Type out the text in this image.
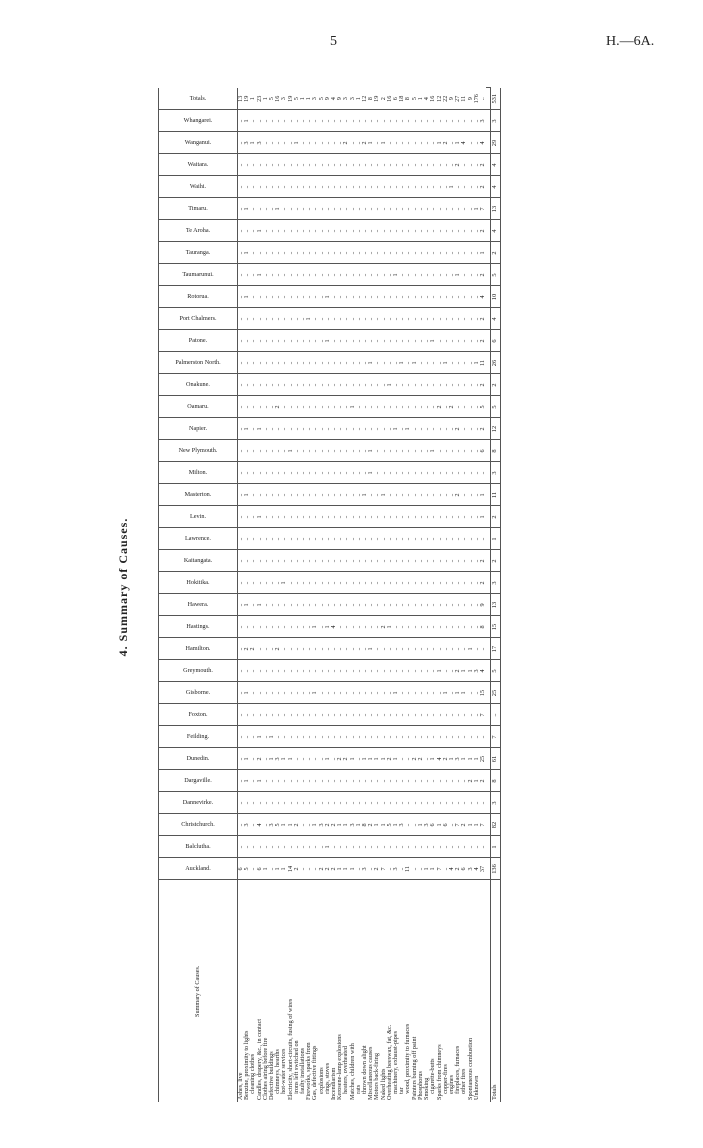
5	H.—6A.
4. Summary of Causes.
Summary of Causes.	Auckland.	Balclutha.	Christchurch.	Dannevirke.	Dargaville.	Dunedin.	Feilding.	Foxton.	Gisborne.	Greymouth.	Hamilton.	Hastings.	Hawera.	Hokitika.	Kaitangata.	Lawrence.	Levin.	Masterton.	Milton.	New Plymouth.	Napier.	Oamaru.	Onakune.	Palmerston North.	Patone.	Port Chalmers.	Rotorua.	Taumarunui.	Tauranga.	Te Aroha.	Timaru.	Waihi.	Waitara.	Wanganui.	Whangarei.	Totals.

Ashes, live	6	..	..	..	..	..	..	..	..	..	..	..	..	..	..	..	..	..	..	..	..	..	..	..	..	..	..	..	..	..	..	..	..	..	..	13
Benzine, proximity to lights	5	..	3	..	1	1	..	..	1	..	2	..	1	..	..	..	..	1	..	..	1	..	..	..	..	..	1	..	1	..	1	..	..	3	1	19
 cleaning clothes	..	..	..	..	..	..	..	..	..	..	2	..	..	..	..	..	..	..	..	..	..	..	..	..	..	..	..	..	..	..	..	..	..	1	..	1
Candles, drapery, &c., in contact	6	..	4	..	1	2	1	..	..	..	..	..	1	..	..	..	1	..	..	..	1	..	..	..	..	..	..	1	..	1	..	..	..	3	..	23
Clothes airing before fire	1	..	..	..	..	..	..	..	..	..	..	..	..	..	..	..	..	..	..	..	..	..	..	..	..	..	..	..	..	..	..	..	..	..	..	1
Defective buildings	..	..	3	..	..	1	1	..	..	..	..	..	..	..	..	..	..	..	..	..	..	..	..	..	..	..	..	..	..	..	..	..	..	..	..	5
 chimneys, hearths	1	..	5	..	..	3	..	..	..	..	2	..	..	..	..	..	..	..	..	..	..	2	..	..	..	..	..	..	..	..	1	..	..	..	..	16
 hot-water services	1	..	1	..	..	1	..	..	..	..	..	..	..	1	..	..	..	..	..	..	..	..	..	..	..	..	..	..	..	..	..	..	..	..	..	3
Electricity, short-circuits, fusing of wires	14	..	1	..	..	1	..	..	..	..	..	..	..	..	..	..	..	..	..	1	..	..	..	..	..	..	..	..	..	..	..	..	..	..	..	19
 irons left switched on	2	..	2	..	..	..	..	..	..	..	..	..	..	..	..	..	..	..	..	..	..	..	..	..	..	..	..	..	..	..	..	..	..	1	..	5
 faulty installations	..	..	..	..	..	..	..	..	..	..	..	..	..	..	..	..	..	..	..	..	..	..	..	..	..	..	..	..	..	..	..	..	..	..	..	1
Fireworks, sparks from	..	..	..	..	..	..	..	..	..	..	..	..	..	..	..	..	..	..	..	..	..	..	..	..	..	1	..	..	..	..	..	..	..	..	..	1
Gas, defective fittings	..	..	1	..	..	..	..	..	1	..	..	1	..	..	..	..	..	..	..	..	..	..	..	..	..	..	..	..	..	..	..	..	..	..	..	3
 explosions	2	..	3	..	..	..	..	..	..	..	..	..	..	..	..	..	..	..	..	..	..	..	..	..	..	..	..	..	..	..	..	..	..	..	..	5
 rings, stoves	2	1	2	..	..	1	..	..	..	..	..	1	..	..	..	..	..	..	..	..	..	..	..	..	1	..	1	..	..	..	..	..	..	..	..	9
Incendiarism	2	..	2	..	..	..	..	..	..	..	..	4	..	..	..	..	..	..	..	..	..	..	..	..	..	..	..	..	..	..	..	..	..	..	..	4
Kerosene-lamp explosions	1	..	1	..	..	2	..	..	..	..	..	..	..	..	..	..	..	..	..	..	..	..	..	..	..	..	..	..	..	..	..	..	..	..	..	9
 heaters, overheated	1	..	1	..	..	2	..	..	..	..	..	..	..	..	..	..	..	..	..	..	..	..	..	..	..	..	..	..	..	..	..	..	..	2	..	3
Matches, children with	1	..	3	..	..	1	..	..	..	..	..	..	..	..	..	..	..	..	..	..	..	1	..	..	..	..	..	..	..	..	..	..	..	..	..	3
 rats	..	..	1	..	..	..	..	..	..	..	..	..	..	..	..	..	..	..	..	..	..	..	..	..	..	..	..	..	..	..	..	..	..	..	..	1
 thrown down alight	3	..	8	..	..	1	..	..	..	..	..	..	..	..	..	..	..	1	..	..	..	..	..	..	..	..	..	..	..	..	..	..	..	2	..	12
Miscellaneous causes	..	..	2	..	..	1	..	..	..	..	1	..	..	..	..	..	..	..	1	1	..	..	..	1	..	..	..	..	..	..	..	..	..	1	..	8
Motors back-firing	2	..	1	..	..	1	..	..	..	..	..	..	..	..	..	..	..	..	..	..	..	..	..	..	..	..	..	..	..	..	..	..	..	..	..	19
Naked lights	7	..	1	..	..	1	..	..	..	..	..	2	..	..	..	..	..	1	..	..	..	..	..	..	..	..	..	..	..	..	..	..	..	1	..	2
Overheating beeswax, fat, &c.	..	..	5	..	..	2	..	..	..	..	..	1	..	..	..	..	..	..	..	..	..	..	1	..	..	..	..	..	..	..	..	..	..	..	..	16
 machinery, exhaust-pipes	3	..	1	..	..	1	..	..	1	..	..	..	..	..	..	..	..	..	..	..	1	..	..	..	..	..	..	1	..	..	..	..	..	..	..	6
 tar	..	..	3	..	..	..	..	..	..	..	..	..	..	..	..	..	..	..	..	..	..	..	..	1	..	..	..	..	..	..	..	..	..	..	..	18
 wood, proximity to furnaces	11	..	..	..	..	..	..	..	..	..	..	..	..	..	..	..	..	..	..	..	1	..	..	..	..	..	..	..	..	..	..	..	..	..	..	8
Painters burning off paint	..	..	..	..	..	2	..	..	..	..	..	..	..	..	..	..	..	..	..	..	..	..	..	1	..	..	..	..	..	..	..	..	..	..	..	5
Phosphorus	..	..	1	..	..	2	..	..	..	..	..	..	..	..	..	..	..	..	..	..	..	..	..	..	..	..	..	..	..	..	..	..	..	..	..	1
Smoking	1	..	3	..	..	..	..	..	..	..	..	..	..	..	..	..	..	..	..	..	..	..	..	..	..	..	..	..	..	..	..	..	..	..	..	4
 cigarette-butts	1	..	6	..	..	1	..	..	..	..	..	..	..	..	..	..	..	..	..	1	..	..	..	..	1	..	..	..	..	..	..	..	..	..	..	16
Sparks from chimneys	7	..	1	..	..	4	..	..	..	1	..	..	..	..	..	..	..	..	..	..	..	2	..	..	..	..	..	..	..	..	..	..	..	1	..	12
 copper-fires	..	..	6	..	..	2	..	..	1	..	..	..	..	..	..	..	..	..	..	..	..	..	..	1	..	..	..	..	..	..	..	..	..	2	..	22
 engines	4	..	..	..	..	1	..	..	..	..	..	..	..	..	..	..	..	..	..	..	..	2	..	..	..	..	..	..	..	..	..	1	..	..	..	9
 fireplaces, furnaces	2	..	7	..	..	3	..	..	1	2	..	..	..	..	..	..	..	2	..	..	2	..	..	..	..	..	..	1	..	..	..	..	2	1	..	27
 other fires	6	..	2	..	..	1	..	..	1	1	..	..	..	..	..	..	..	..	..	..	..	..	..	..	..	..	..	..	..	..	..	..	..	4	..	11
Spontaneous combustion	3	..	1	..	2	1	..	..	..	1	1	..	..	..	..	..	..	..	..	..	..	..	..	..	..	..	..	..	..	..	..	..	..	..	..	9
Unknown	4	..	1	..	1	1	..	..	..	3	..	..	..	..	..	..	..	..	..	..	..	..	..	1	..	..	..	..	..	..	1	..	..	..	..	176
	37	..	7	..	2	25	..	7	15	4	..	8	9	2	2	..	1	1	..	6	2	5	2	11	2	2	4	2	1	2	7	2	2	4	3	..

Totals	136	1	82	3	8	61	7	..	25	5	17	15	13	3	2	1	2	11	3	8	12	5	2	26	6	4	10	5	2	4	13	4	4	29	3	531
